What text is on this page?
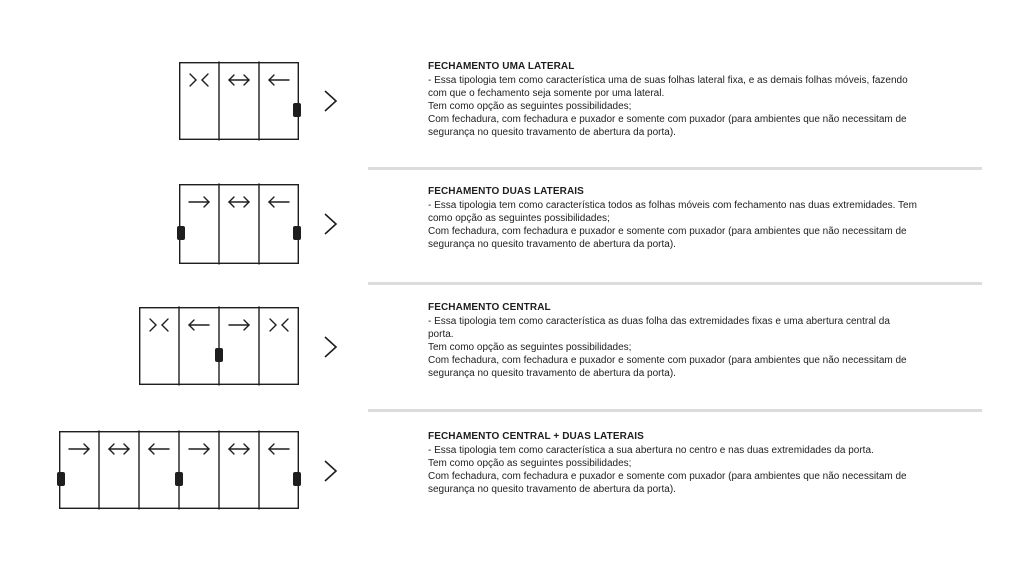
FECHAMENTO UMA LATERAL
- Essa tipologia tem como característica uma de suas folhas lateral fixa, e as demais folhas móveis, fazendo
com que o fechamento seja somente por uma lateral.
Tem como opção as seguintes possibilidades;
Com fechadura, com fechadura e puxador e somente com puxador (para ambientes que não necessitam de
segurança no quesito travamento de abertura da porta).
FECHAMENTO DUAS LATERAIS
- Essa tipologia tem como característica todos as folhas móveis com fechamento nas duas extremidades. Tem
como opção as seguintes possibilidades;
Com fechadura, com fechadura e puxador e somente com puxador (para ambientes que não necessitam de
segurança no quesito travamento de abertura da porta).
FECHAMENTO CENTRAL
- Essa tipologia tem como característica as duas folha das extremidades fixas e uma abertura central da
porta.
Tem como opção as seguintes possibilidades;
Com fechadura, com fechadura e puxador e somente com puxador (para ambientes que não necessitam de
segurança no quesito travamento de abertura da porta).
FECHAMENTO CENTRAL + DUAS LATERAIS
- Essa tipologia tem como característica a sua abertura no centro e nas duas extremidades da porta.
Tem como opção as seguintes possibilidades;
Com fechadura, com fechadura e puxador e somente com puxador (para ambientes que não necessitam de
segurança no quesito travamento de abertura da porta).
